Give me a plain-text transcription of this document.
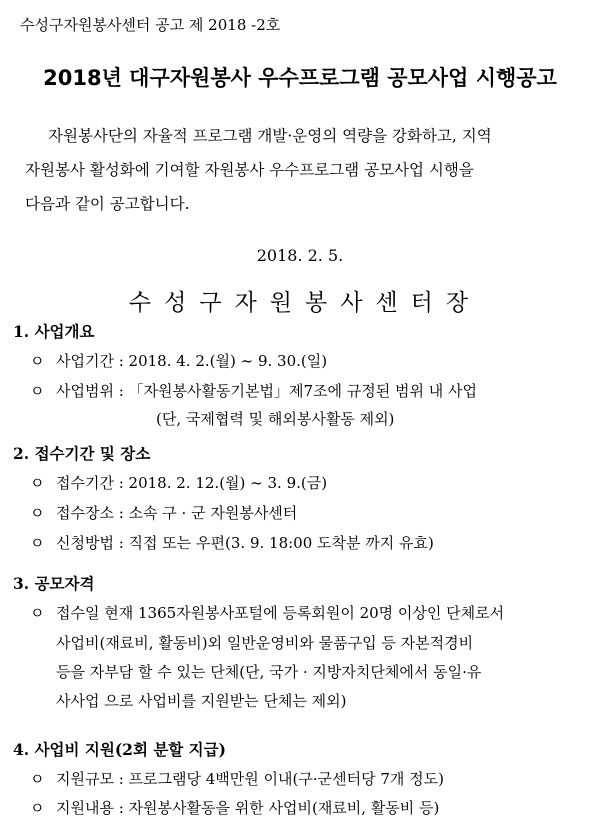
수성구자원봉사센터 공고 제 2018 -2호
2018년 대구자원봉사 우수프로그램 공모사업 시행공고
자원봉사단의 자율적 프로그램 개발·운영의 역량을 강화하고, 지역
자원봉사 활성화에 기여할 자원봉사 우수프로그램 공모사업 시행을
다음과 같이 공고합니다.
2018. 2. 5.
수성구자원봉사센터장
1. 사업개요
ㅇ 사업기간 : 2018. 4. 2.(월) ~ 9. 30.(일)
ㅇ 사업범위 : 「자원봉사활동기본법」제7조에 규정된 범위 내 사업
(단, 국제협력 및 해외봉사활동 제외)
2. 접수기간 및 장소
ㅇ 접수기간 : 2018. 2. 12.(월) ~ 3. 9.(금)
ㅇ 접수장소 : 소속 구 · 군 자원봉사센터
ㅇ 신청방법 : 직접 또는 우편(3. 9. 18:00 도착분 까지 유효)
3. 공모자격
ㅇ 접수일 현재 1365자원봉사포털에 등록회원이 20명 이상인 단체로서
사업비(재료비, 활동비)외 일반운영비와 물품구입 등 자본적경비
등을 자부담 할 수 있는 단체(단, 국가 · 지방자치단체에서 동일·유
사사업 으로 사업비를 지원받는 단체는 제외)
4. 사업비 지원(2회 분할 지급)
ㅇ 지원규모 : 프로그램당 4백만원 이내(구·군센터당 7개 정도)
ㅇ 지원내용 : 자원봉사활동을 위한 사업비(재료비, 활동비 등)
